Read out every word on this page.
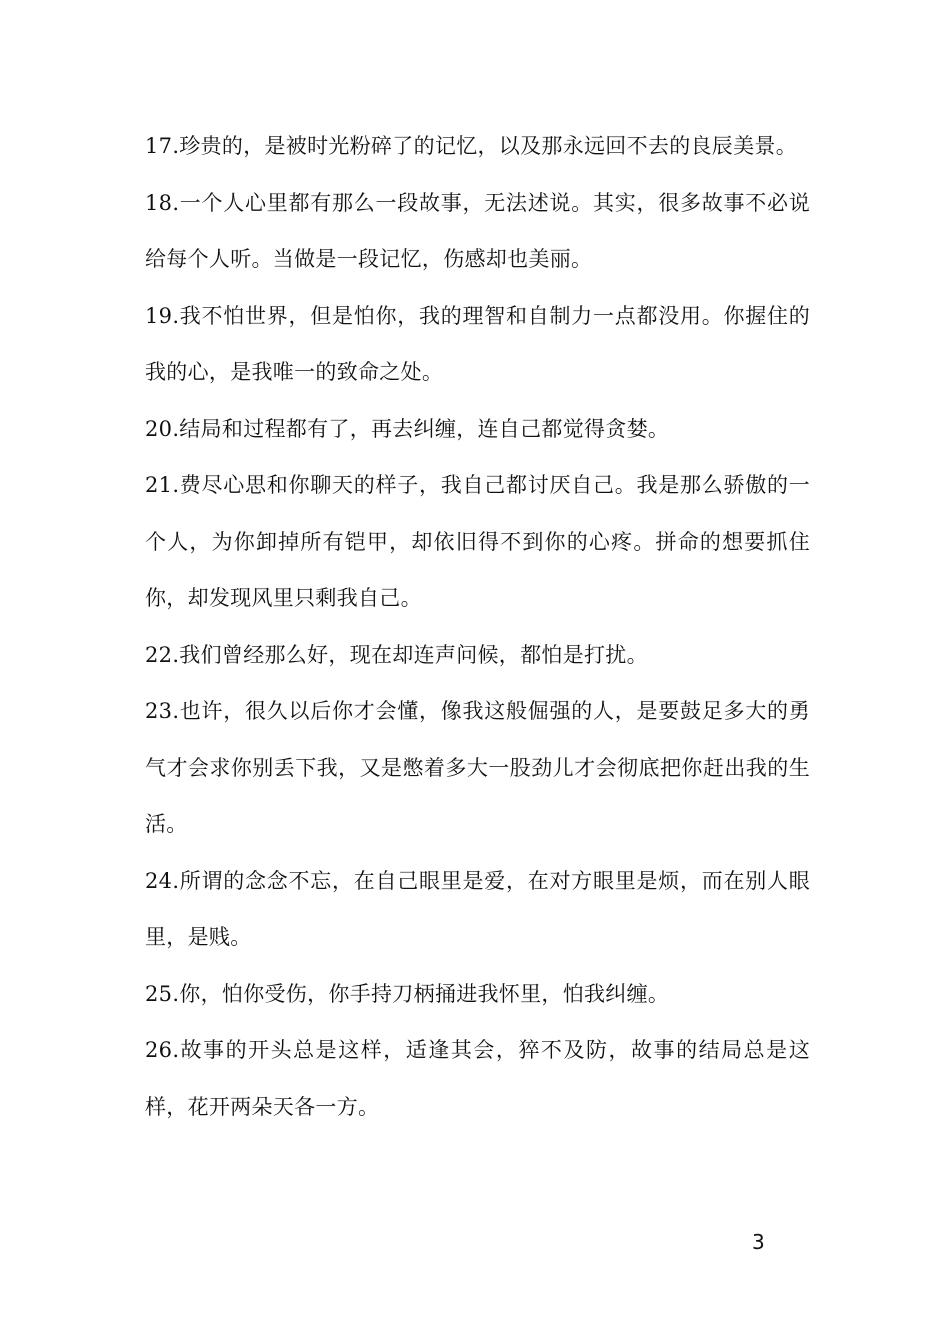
17.珍贵的，是被时光粉碎了的记忆，以及那永远回不去的良辰美景。

18.一个人心里都有那么一段故事，无法述说。其实，很多故事不必说给每个人听。当做是一段记忆，伤感却也美丽。

19.我不怕世界，但是怕你，我的理智和自制力一点都没用。你握住的我的心，是我唯一的致命之处。

20.结局和过程都有了，再去纠缠，连自己都觉得贪婪。

21.费尽心思和你聊天的样子，我自己都讨厌自己。我是那么骄傲的一个人，为你卸掉所有铠甲，却依旧得不到你的心疼。拼命的想要抓住你，却发现风里只剩我自己。

22.我们曾经那么好，现在却连声问候，都怕是打扰。

23.也许，很久以后你才会懂，像我这般倔强的人，是要鼓足多大的勇气才会求你别丢下我，又是憋着多大一股劲儿才会彻底把你赶出我的生活。

24.所谓的念念不忘，在自己眼里是爱，在对方眼里是烦，而在别人眼里，是贱。

25.你，怕你受伤，你手持刀柄捅进我怀里，怕我纠缠。

26.故事的开头总是这样，适逢其会，猝不及防，故事的结局总是这样，花开两朵天各一方。

3
